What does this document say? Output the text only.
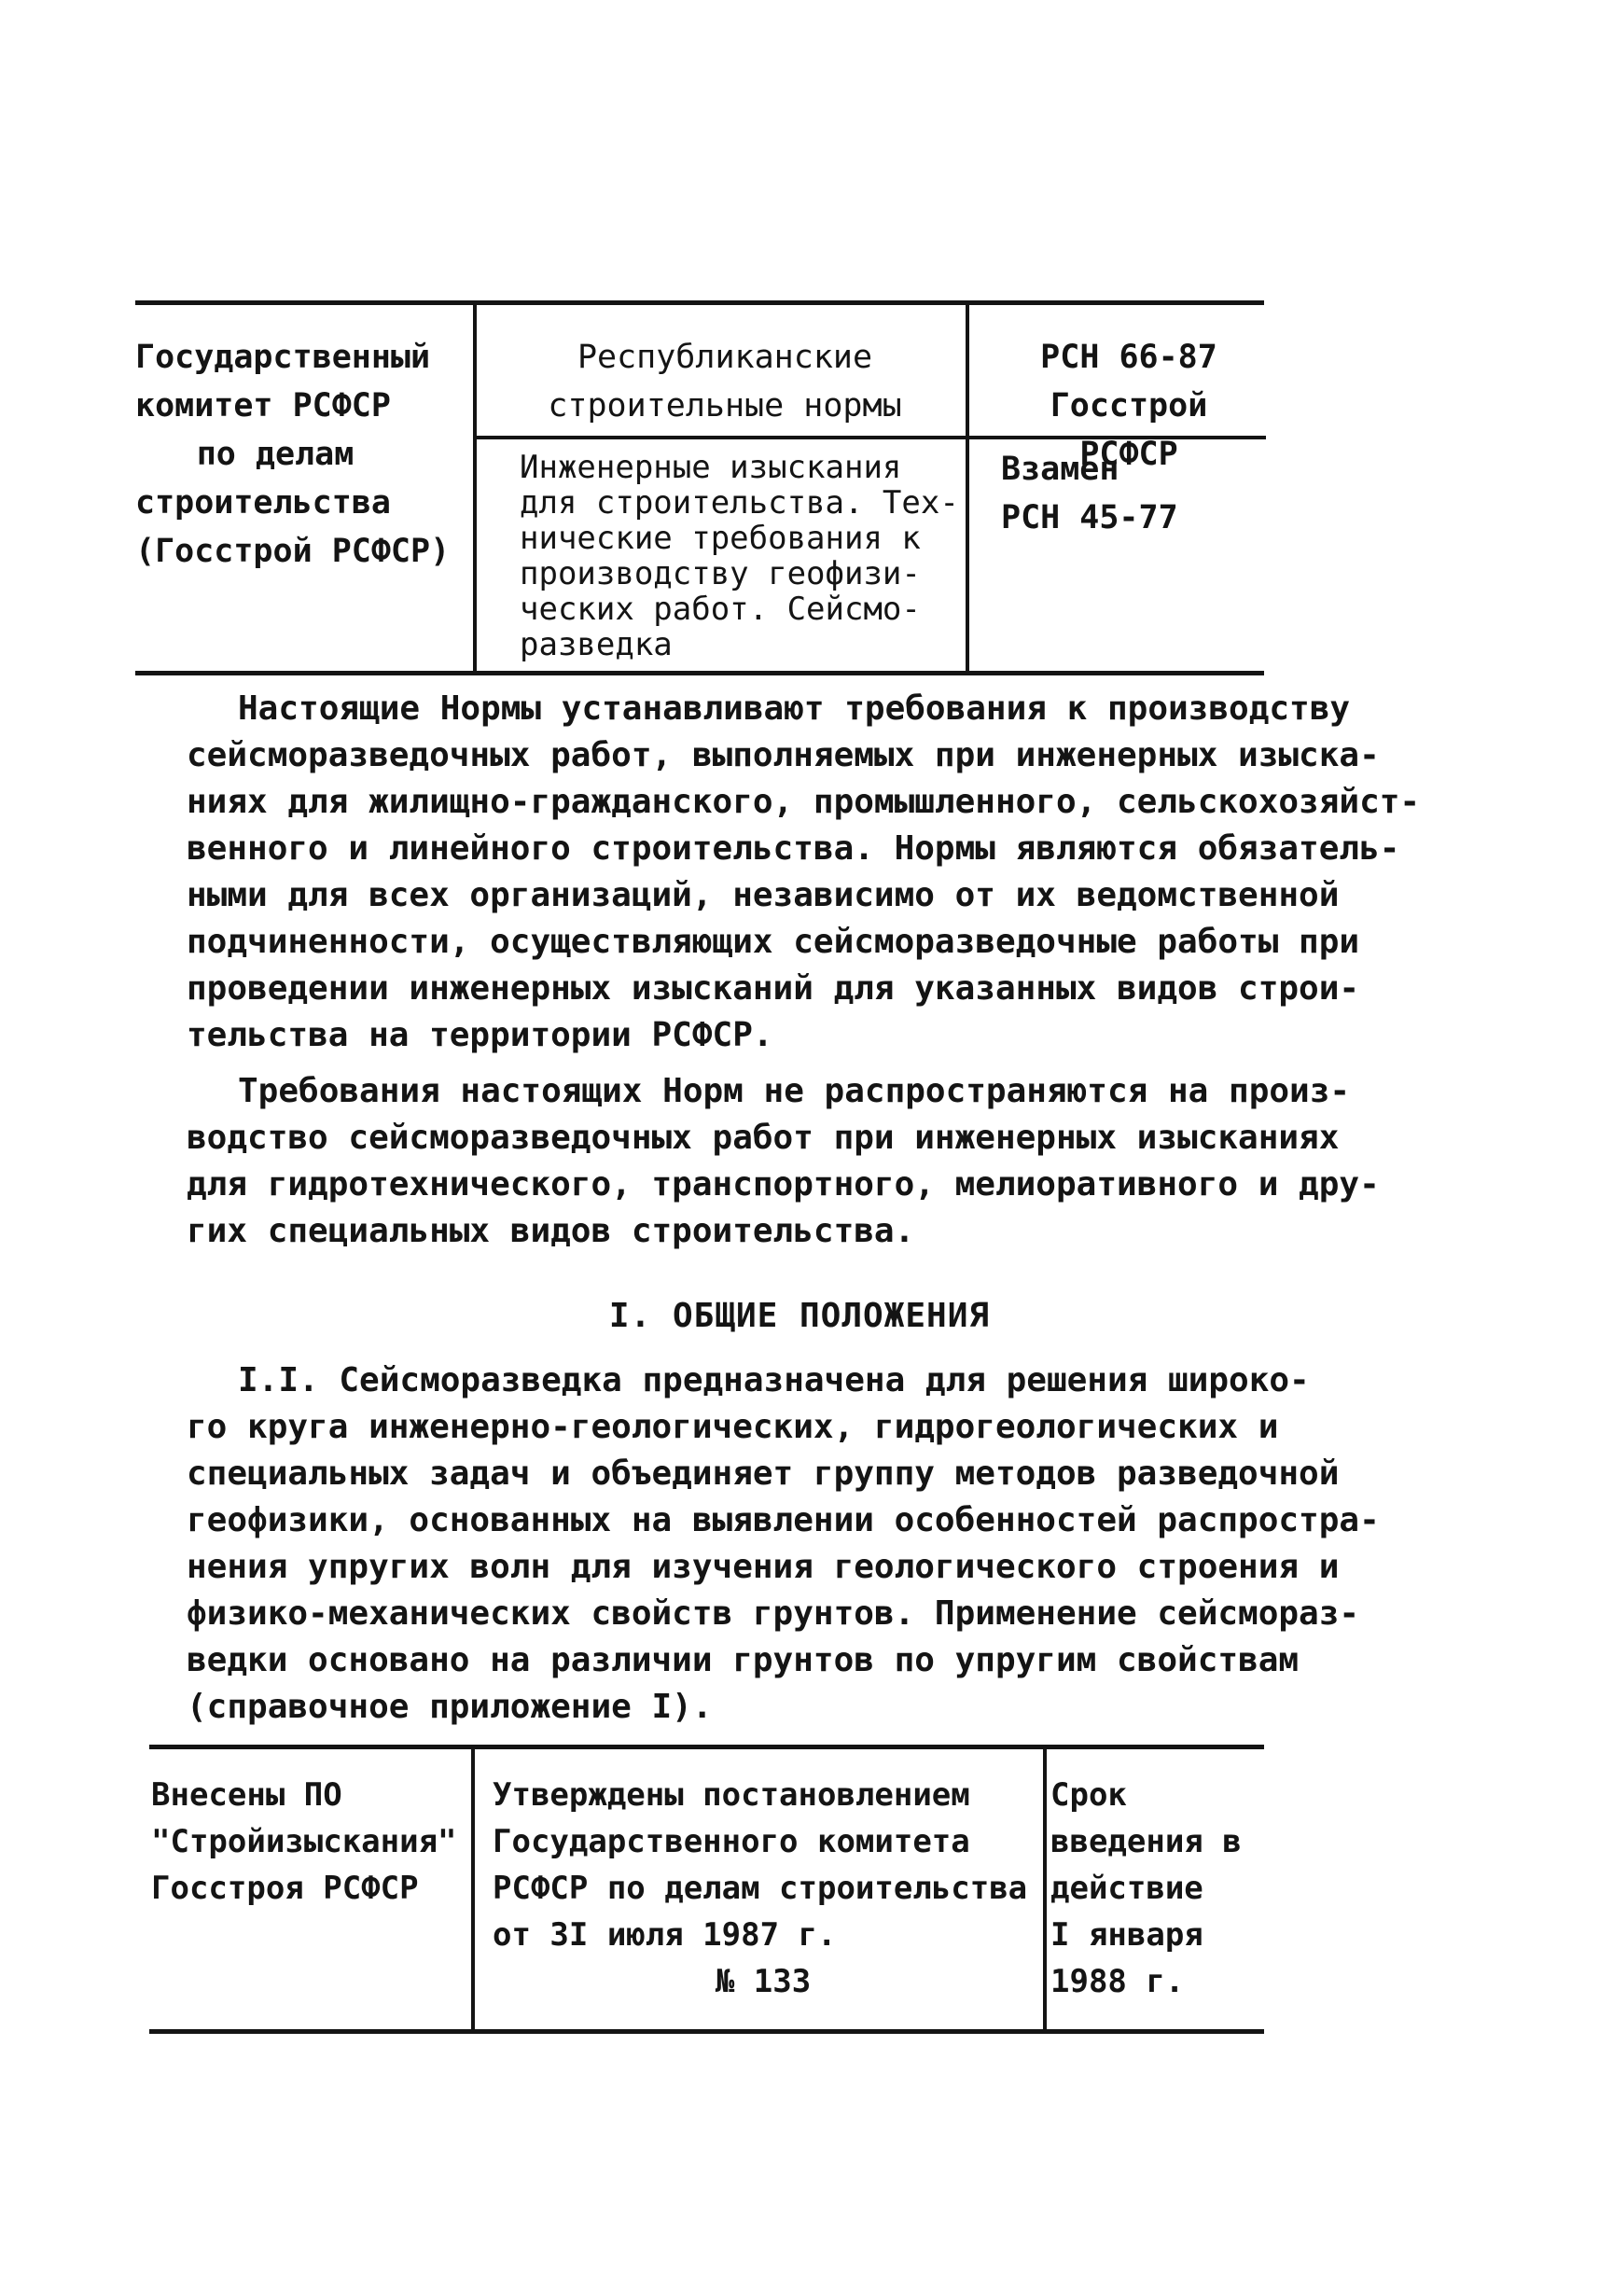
Государственный
комитет РСФСР
по делам
строительства
(Госстрой РСФСР)
Республиканские
строительные нормы
РСН 66-87
Госстрой РСФСР
Инженерные изыскания
для строительства. Тех-
нические требования к
производству геофизи-
ческих работ. Сейсмо-
разведка
Взамен
РСН 45-77
Настоящие Нормы устанавливают требования к производству
сейсморазведочных работ, выполняемых при инженерных изыска-
ниях для жилищно-гражданского, промышленного, сельскохозяйст-
венного и линейного строительства. Нормы являются обязатель-
ными для всех организаций, независимо от их ведомственной
подчиненности, осуществляющих сейсморазведочные работы при
проведении инженерных изысканий для указанных видов строи-
тельства на территории РСФСР.
Требования настоящих Норм не распространяются на произ-
водство сейсморазведочных работ при инженерных изысканиях
для гидротехнического, транспортного, мелиоративного и дру-
гих специальных видов строительства.
I. ОБЩИЕ ПОЛОЖЕНИЯ
I.I. Сейсморазведка предназначена для решения широко-
го круга инженерно-геологических, гидрогеологических и
специальных задач и объединяет группу методов разведочной
геофизики, основанных на выявлении особенностей распростра-
нения упругих волн для изучения геологического строения и
физико-механических свойств грунтов. Применение сейсмораз-
ведки основано на различии грунтов по упругим свойствам
(справочное приложение I).
Внесены ПО
"Стройизыскания"
Госстроя РСФСР
Утверждены постановлением
Государственного комитета
РСФСР по делам строительства
от 3I июля 1987 г.
№ 133
Срок
введения в
действие
I января
1988 г.
